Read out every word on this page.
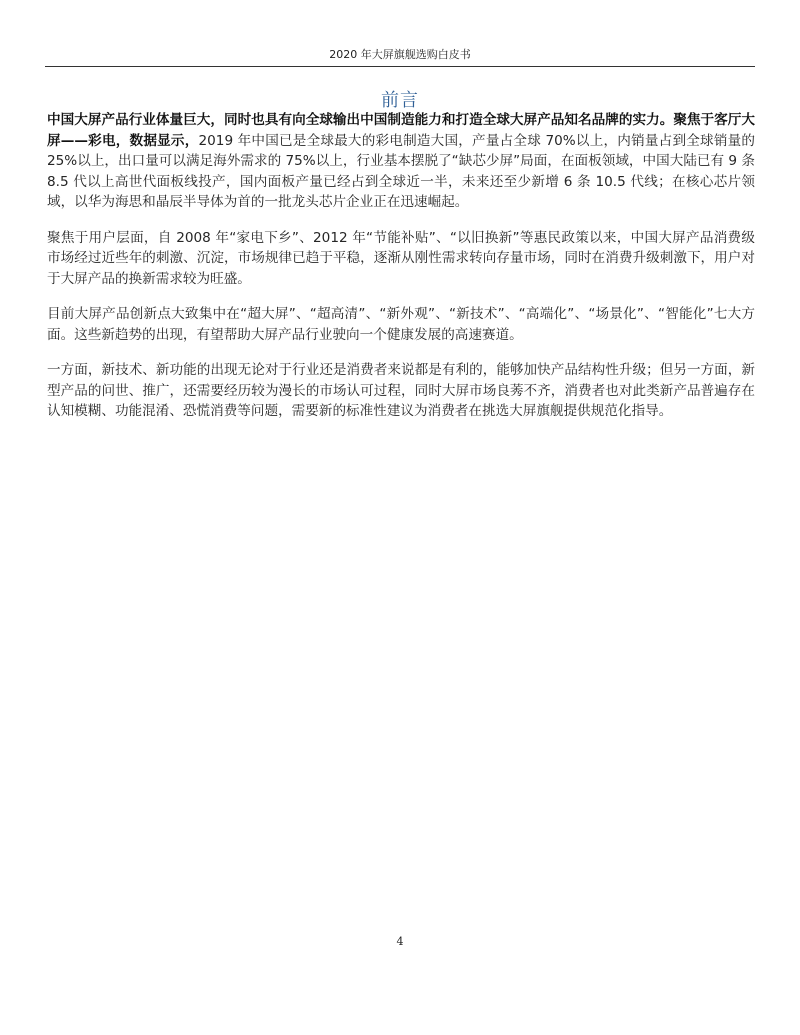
2020 年大屏旗舰选购白皮书
前言

中国大屏产品行业体量巨大，同时也具有向全球输出中国制造能力和打造全球大屏产品知名品牌的实力。聚焦于客厅大屏——彩电，数据显示，2019 年中国已是全球最大的彩电制造大国，产量占全球 70%以上，内销量占到全球销量的 25%以上，出口量可以满足海外需求的 75%以上，行业基本摆脱了“缺芯少屏”局面，在面板领域，中国大陆已有 9 条 8.5 代以上高世代面板线投产，国内面板产量已经占到全球近一半，未来还至少新增 6 条 10.5 代线；在核心芯片领域，以华为海思和晶辰半导体为首的一批龙头芯片企业正在迅速崛起。

聚焦于用户层面，自 2008 年“家电下乡”、2012 年“节能补贴”、“以旧换新”等惠民政策以来，中国大屏产品消费级市场经过近些年的刺激、沉淀，市场规律已趋于平稳，逐渐从刚性需求转向存量市场，同时在消费升级刺激下，用户对于大屏产品的换新需求较为旺盛。

目前大屏产品创新点大致集中在“超大屏”、“超高清”、“新外观”、“新技术”、“高端化”、“场景化”、“智能化”七大方面。这些新趋势的出现，有望帮助大屏产品行业驶向一个健康发展的高速赛道。

一方面，新技术、新功能的出现无论对于行业还是消费者来说都是有利的，能够加快产品结构性升级；但另一方面，新型产品的问世、推广，还需要经历较为漫长的市场认可过程，同时大屏市场良莠不齐，消费者也对此类新产品普遍存在认知模糊、功能混淆、恐慌消费等问题，需要新的标准性建议为消费者在挑选大屏旗舰提供规范化指导。

4
